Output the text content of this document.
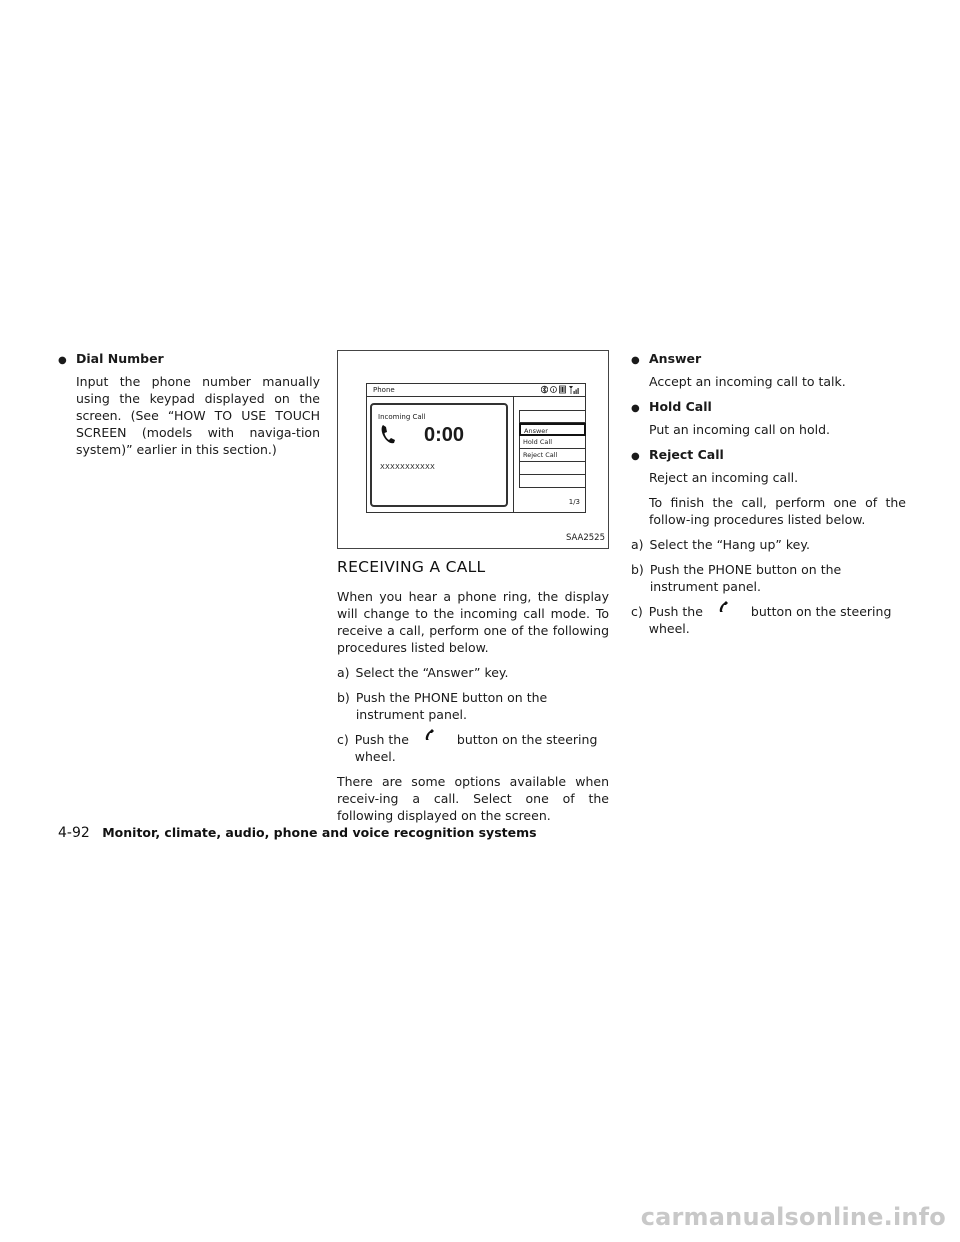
● Dial Number

Input the phone number manually using the keypad displayed on the screen. (See “HOW TO USE TOUCH SCREEN (models with naviga-tion system)” earlier in this section.)

Phone
Incoming Call
0:00
XXXXXXXXXXX
Answer
Hold Call
Reject Call
1/3
SAA2525
RECEIVING A CALL

When you hear a phone ring, the display will change to the incoming call mode. To receive a call, perform one of the following procedures listed below.

a) Select the “Answer” key.
b) Push the PHONE button on the instrument panel.
c) Push the	button on the steering wheel.

There are some options available when receiv-ing a call. Select one of the following displayed on the screen.

● Answer

Accept an incoming call to talk.

● Hold Call

Put an incoming call on hold.

● Reject Call

Reject an incoming call.

To finish the call, perform one of the follow-ing procedures listed below.

a) Select the “Hang up” key.
b) Push the PHONE button on the instrument panel.
c) Push the	button on the steering wheel.
4-92 Monitor, climate, audio, phone and voice recognition systems
carmanualsonline.info
